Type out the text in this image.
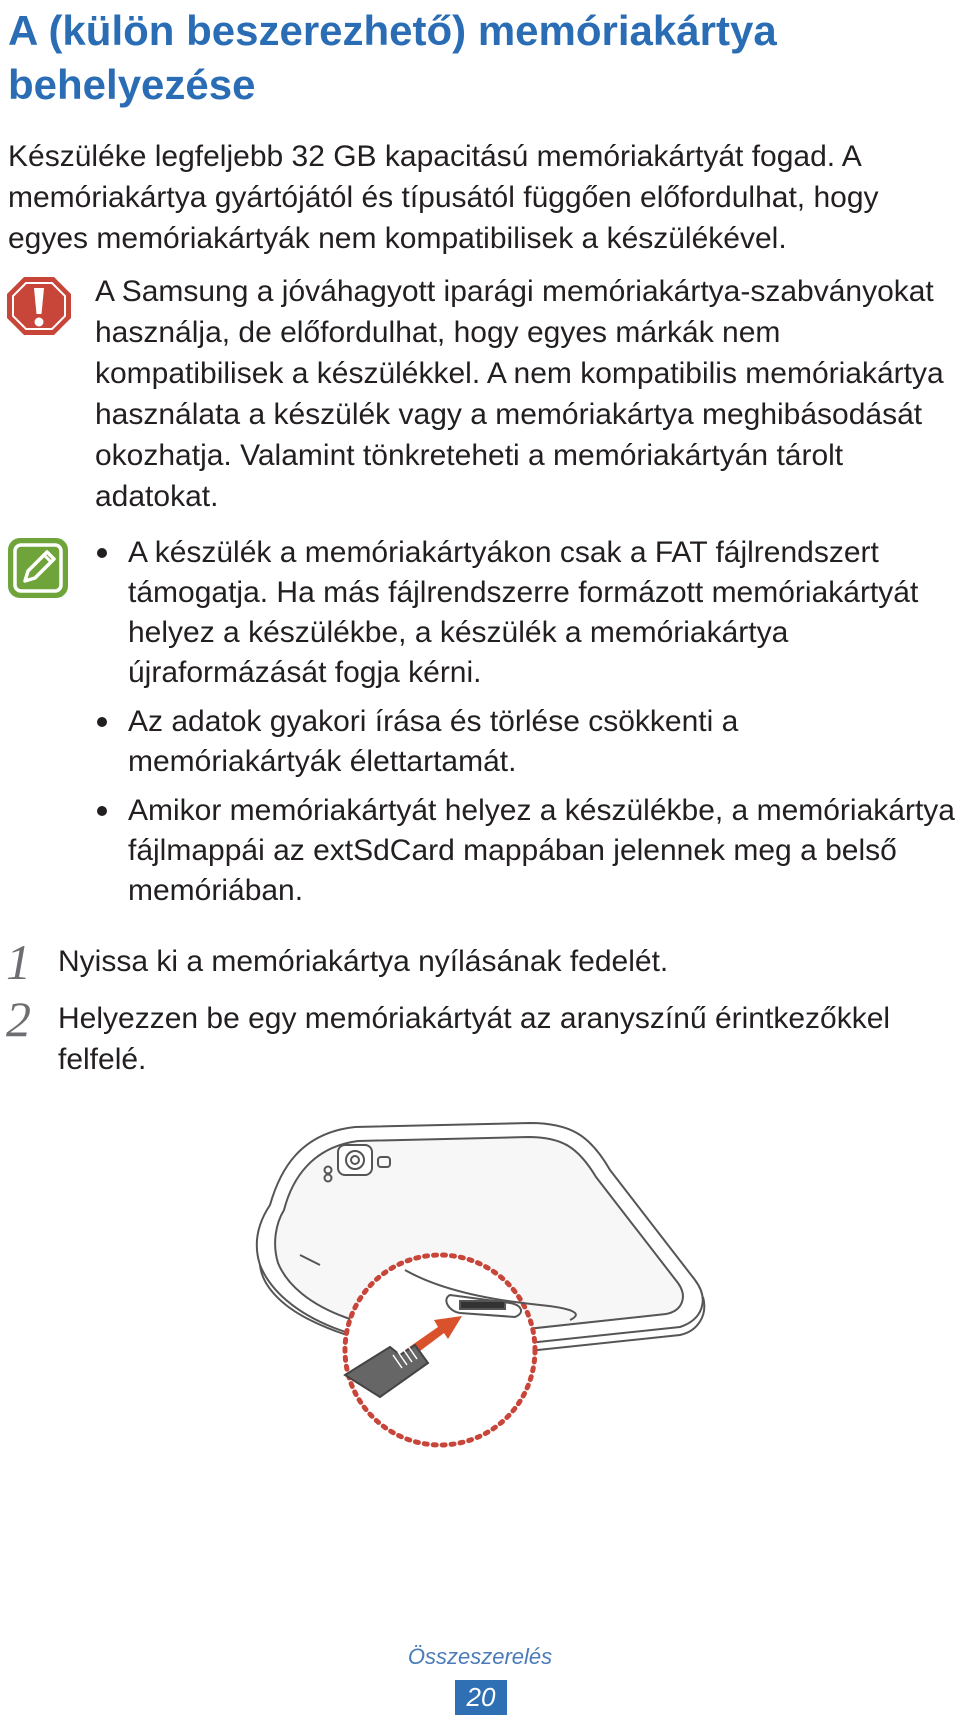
A (külön beszerezhető) memóriakártya behelyezése

Készüléke legfeljebb 32 GB kapacitású memóriakártyát fogad. A memóriakártya gyártójától és típusától függően előfordulhat, hogy egyes memóriakártyák nem kompatibilisek a készülékével.

A Samsung a jóváhagyott iparági memóriakártya-szabványokat használja, de előfordulhat, hogy egyes márkák nem kompatibilisek a készülékkel. A nem kompatibilis memóriakártya használata a készülék vagy a memóriakártya meghibásodását okozhatja. Valamint tönkreteheti a memóriakártyán tárolt adatokat.

A készülék a memóriakártyákon csak a FAT fájlrendszert támogatja. Ha más fájlrendszerre formázott memóriakártyát helyez a készülékbe, a készülék a memóriakártya újraformázását fogja kérni.
Az adatok gyakori írása és törlése csökkenti a memóriakártyák élettartamát.
Amikor memóriakártyát helyez a készülékbe, a memóriakártya fájlmappái az extSdCard mappában jelennek meg a belső memóriában.
1 Nyissa ki a memóriakártya nyílásának fedelét.

2 Helyezzen be egy memóriakártyát az aranyszínű érintkezőkkel felfelé.

Összeszerelés
20
